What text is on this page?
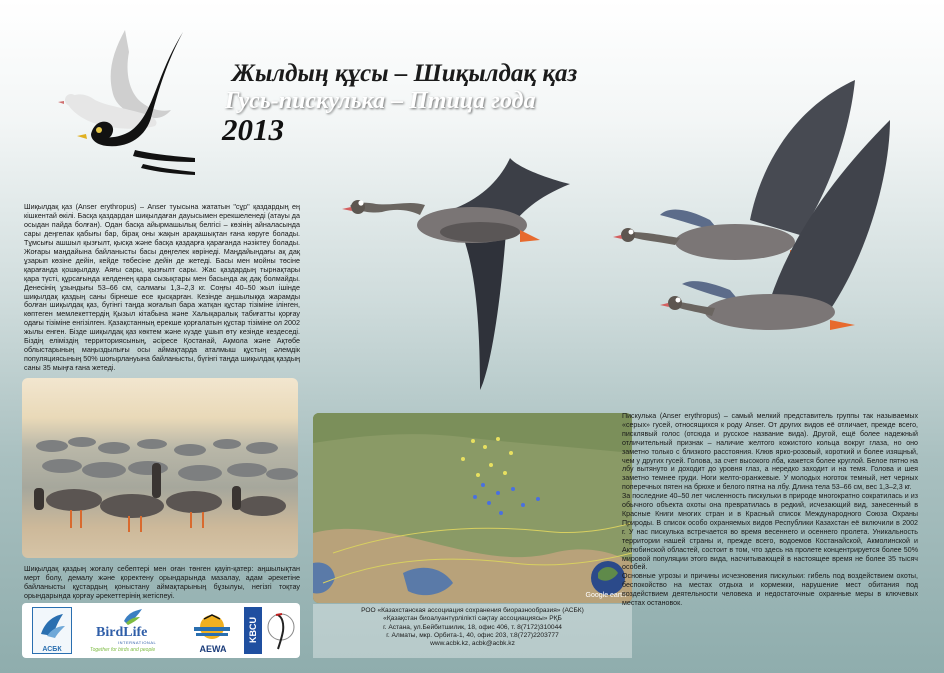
Жылдың құсы – Шиқылдақ қаз
Гусь-пискулька – Птица года
2013

Шиқылдақ қаз (Anser erythropus) – Anser туысына жататын "сұр" қаздардың ең кішкентай өкілі. Басқа қаздардан шиқылдаған дауысымен ерекшеленеді (атауы да осыдан пайда болған). Одан басқа айырмашылық белгісі – көзінің айналасында сары деңгелак қабығы бар, бірақ оны жақын арақашықтан ғана көруге болады. Тұмсығы ашшыл қызғылт, қысқа және басқа қаздарға қарағанда нәзіктеу болады. Жоғары маңдайына байланысты басы дөңгелек көрінеді. Маңдайындағы ақ дақ ұзарып көзіне дейін, кейде төбесіне дейін де жетеді. Басы мен мойны төсіне қарағанда қошқылдау. Аяғы сары, қызғылт сары. Жас қаздардың тырнақтары қара түсті, құрсағында келденең қара сызықтары мен басында ақ дақ болмайды. Денесінің ұзындығы 53–66 см, салмағы 1,3–2,3 кг. Соңғы 40–50 жыл ішінде шиқылдақ қаздың саны бірнеше есе қысқарған. Кезінде аңшылыққа жарамды болған шиқылдақ қаз, бүгінгі таңда жоғалып бара жатқан құстар тізіміне ілінген, көптеген мемлекеттердің Қызыл кітабына және Халықаралық табиғатты қорғау одағы тізіміне енгізілген. Қазақстанның ерекше қорғалатын құстар тізіміне ол 2002 жылы енген. Бізде шиқылдақ қаз көктем және күзде ұшып өту кезінде кездеседі. Біздің еліміздің территориясының, әсіресе Қостанай, Ақмола және Ақтөбе облыстарының маңыздылығы осы аймақтарда аталмыш құстың әлемдік популяциясының 50% шоғырлануына байланысты, бүгінгі таңда шиқылдақ қаздың саны 35 мыңға ғана жетеді.

Шиқылдақ қаздың жоғалу себептері мен оған төнген қауіп-қатер: аңшылықтан мерт болу, демалу және қоректену орындарында мазалау, адам әрекетіне байланысты құстардың қоныстану аймақтарының бұзылуы, негізгі тоқтау орындарында қорғау әрекеттерінің жетіспеуі.

АСБК
BirdLife
INTERNATIONAL
Together for birds and people	AEWA
KBCU
Google earth
РОО «Казахстанская ассоциация сохранения биоразнообразия» (АСБК)
«Қазақстан биоалуантүрлілікті сақтау ассоциациясы» РҚБ
г. Астана, ул.Бейбитшилик, 18, офис 406, т. 8(7172)310044
г. Алматы, мкр. Орбита-1, 40, офис 203, т.8(727)2203777
www.acbk.kz, acbk@acbk.kz

Пискулька (Anser erythropus) – самый мелкий представитель группы так называемых «серых» гусей, относящихся к роду Anser. От других видов её отличает, прежде всего, писклявый голос (отсюда и русское название вида). Другой, ещё более надежный отличительный признак – наличие желтого кожистого кольца вокруг глаза, но оно заметно только с близкого расстояния. Клюв ярко-розовый, короткий и более изящный, чем у других гусей. Голова, за счет высокого лба, кажется более круглой. Белое пятно на лбу вытянуто и доходит до уровня глаз, а нередко заходит и на темя. Голова и шея заметно темнее груди. Ноги желто-оранжевые. У молодых ноготок темный, нет черных поперечных пятен на брюхе и белого пятна на лбу. Длина тела 53–66 см, вес 1,3–2,3 кг.

За последние 40–50 лет численность пискульки в природе многократно сократилась и из обычного объекта охоты она превратилась в редкий, исчезающий вид, занесенный в Красные Книги многих стран и в Красный список Международного Союза Охраны Природы. В список особо охраняемых видов Республики Казахстан её включили в 2002 г. У нас пискулька встречается во время весеннего и осеннего пролета. Уникальность территории нашей страны и, прежде всего, водоемов Костанайской, Акмолинской и Актюбинской областей, состоит в том, что здесь на пролете концентрируется более 50% мировой популяции этого вида, насчитывающей в настоящее время не более 35 тысяч особей.

Основные угрозы и причины исчезновения пискульки: гибель под воздействием охоты, беспокойство на местах отдыха и кормежки, нарушение мест обитания под воздействием деятельности человека и недостаточные охранные меры в ключевых местах остановок.
